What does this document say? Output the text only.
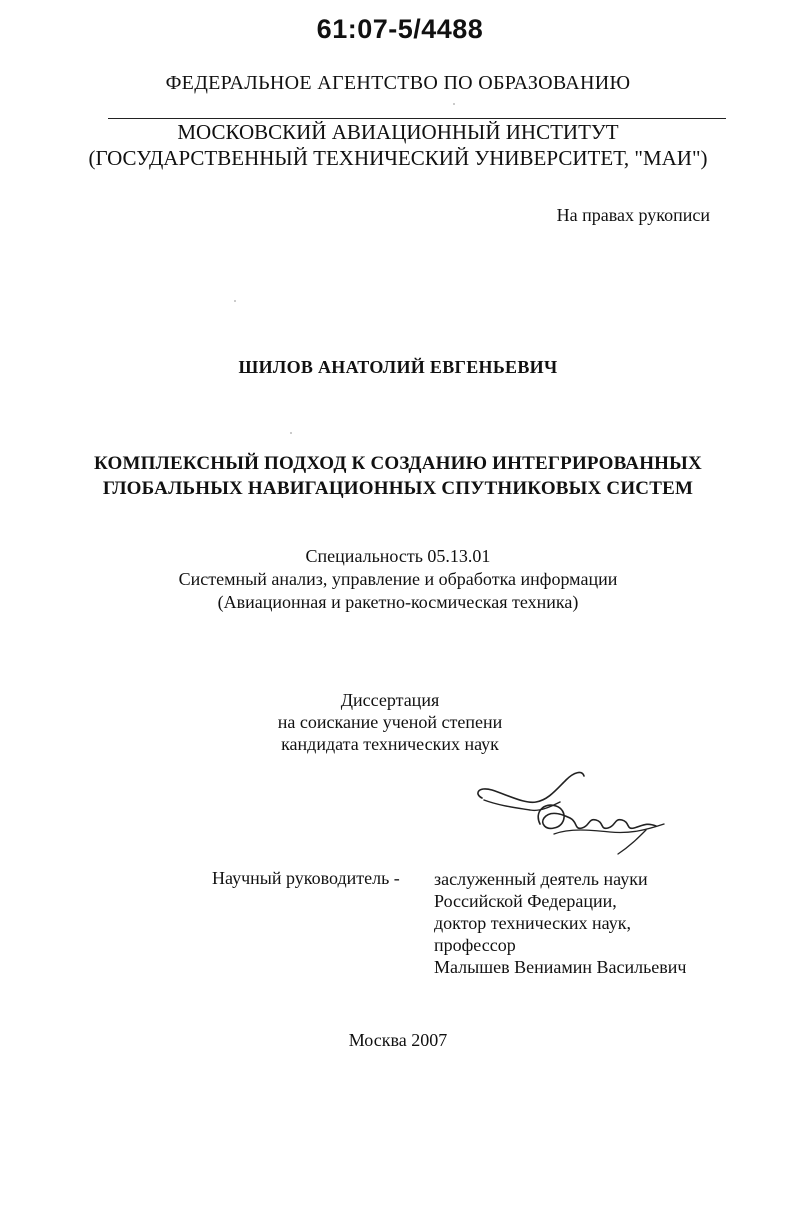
61:07-5/4488
ФЕДЕРАЛЬНОЕ АГЕНТСТВО ПО ОБРАЗОВАНИЮ
МОСКОВСКИЙ АВИАЦИОННЫЙ ИНСТИТУТ
(ГОСУДАРСТВЕННЫЙ ТЕХНИЧЕСКИЙ УНИВЕРСИТЕТ, "МАИ")
На правах рукописи
ШИЛОВ АНАТОЛИЙ ЕВГЕНЬЕВИЧ
КОМПЛЕКСНЫЙ ПОДХОД К СОЗДАНИЮ ИНТЕГРИРОВАННЫХ
ГЛОБАЛЬНЫХ НАВИГАЦИОННЫХ СПУТНИКОВЫХ СИСТЕМ
Специальность 05.13.01
Системный анализ, управление и обработка информации
(Авиационная и ракетно-космическая техника)
Диссертация
на соискание ученой степени
кандидата технических наук
Научный руководитель - заслуженный деятель науки
Российской Федерации,
доктор технических наук,
профессор
Малышев Вениамин Васильевич
Москва 2007
